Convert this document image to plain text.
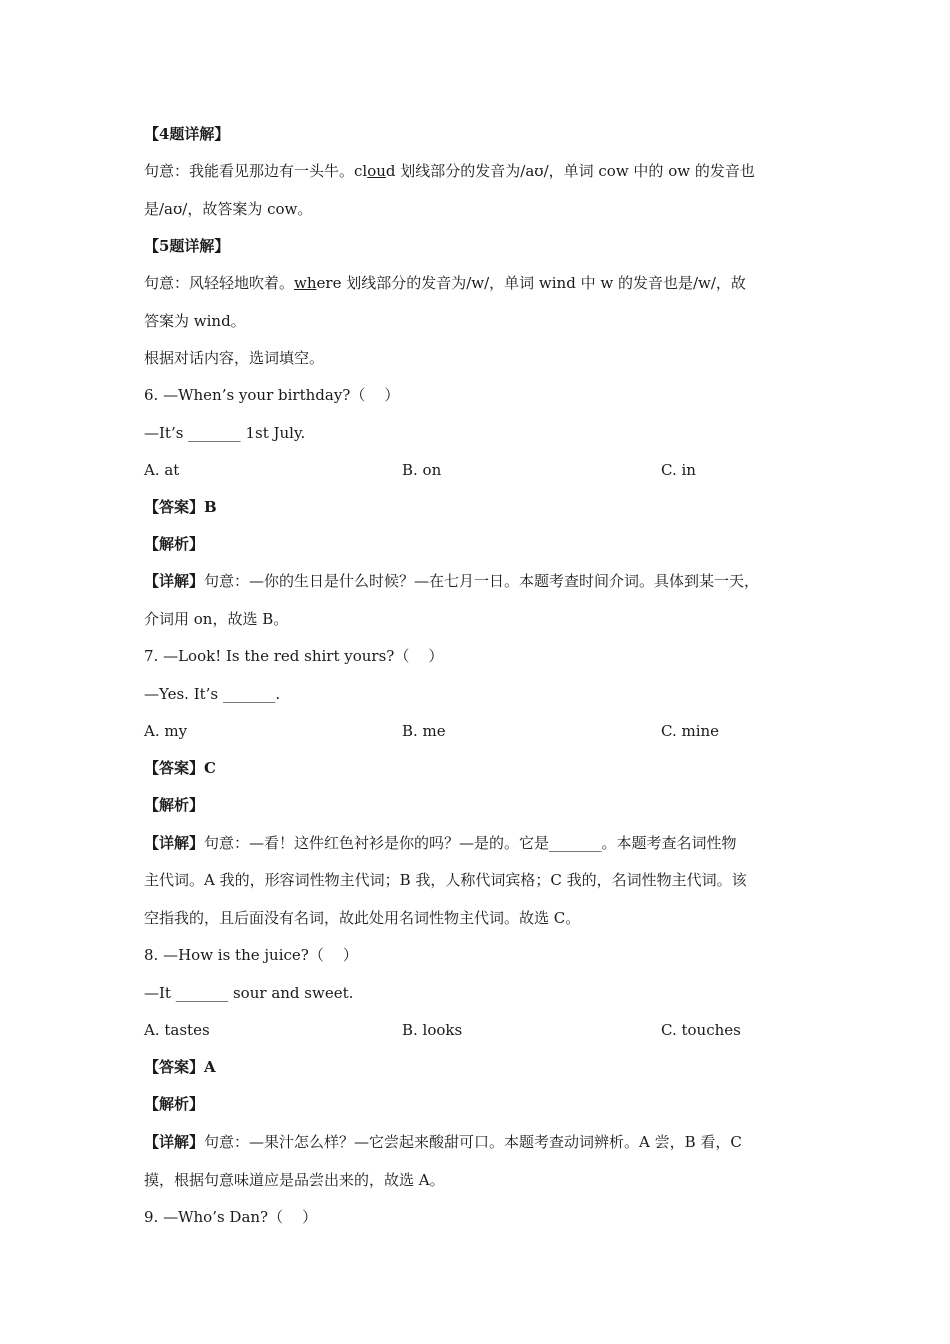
【4题详解】
句意：我能看见那边有一头牛。cloud 划线部分的发音为/aʊ/，单词 cow 中的 ow 的发音也
是/aʊ/，故答案为 cow。
【5题详解】
句意：风轻轻地吹着。where 划线部分的发音为/w/，单词 wind 中 w 的发音也是/w/，故
答案为 wind。
根据对话内容，选词填空。
6. —When’s your birthday?（    ）
—It’s _______ 1st July.
A. at	B. on	C. in
【答案】B
【解析】
【详解】句意：—你的生日是什么时候？—在七月一日。本题考查时间介词。具体到某一天，
介词用 on，故选 B。
7. —Look! Is the red shirt yours?（    ）
—Yes. It’s _______.
A. my	B. me	C. mine
【答案】C
【解析】
【详解】句意：—看！这件红色衬衫是你的吗？—是的。它是_______。本题考查名词性物
主代词。A 我的，形容词性物主代词；B 我，人称代词宾格；C 我的，名词性物主代词。该
空指我的，且后面没有名词，故此处用名词性物主代词。故选 C。
8. —How is the juice?（    ）
—It _______ sour and sweet.
A. tastes	B. looks	C. touches
【答案】A
【解析】
【详解】句意：—果汁怎么样？—它尝起来酸甜可口。本题考查动词辨析。A 尝，B 看，C
摸，根据句意味道应是品尝出来的，故选 A。
9. —Who’s Dan?（    ）
